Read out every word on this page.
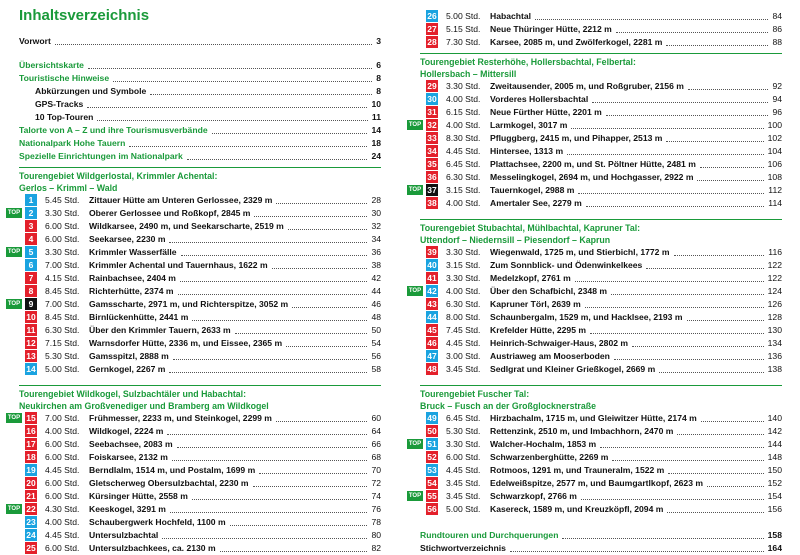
Inhaltsverzeichnis
Vorwort	3
Übersichtskarte	6
Touristische Hinweise	8
Abkürzungen und Symbole	8
GPS-Tracks	10
10 Top-Touren	11
Talorte von A – Z und ihre Tourismusverbände	14
Nationalpark Hohe Tauern	18
Spezielle Einrichtungen im Nationalpark	24
Tourengebiet Wildgerlostal, Krimmler Achental:
Gerlos – Krimml – Wald
1	5.45 Std. Zittauer Hütte am Unteren Gerlossee, 2329 m	28
TOP	2	3.30 Std. Oberer Gerlossee und Roßkopf, 2845 m	30
3	6.00 Std. Wildkarsee, 2490 m, und Seekarscharte, 2519 m	32
4	6.00 Std. Seekarsee, 2230 m	34
TOP	5	3.30 Std. Krimmler Wasserfälle	36
6	7.00 Std. Krimmler Achental und Tauernhaus, 1622 m	38
7	4.15 Std. Rainbachsee, 2404 m	42
8	8.45 Std. Richterhütte, 2374 m	44
TOP	9	7.00 Std. Gamsscharte, 2971 m, und Richterspitze, 3052 m	46
10 8.45 Std. Birnlückenhütte, 2441 m	48
11 6.30 Std. Über den Krimmler Tauern, 2633 m	50
12 7.15 Std. Warnsdorfer Hütte, 2336 m, und Eissee, 2365 m	54
13 5.30 Std. Gamsspitzl, 2888 m	56
14 5.00 Std. Gernkogel, 2267 m	58
Tourengebiet Wildkogel, Sulzbachtäler und Habachtal:
Neukirchen am Großvenediger und Bramberg am Wildkogel
TOP 15 7.00 Std. Frühmesser, 2233 m, und Steinkogel, 2299 m	60
16 4.00 Std. Wildkogel, 2224 m	64
17 6.00 Std. Seebachsee, 2083 m	66
18 6.00 Std. Foiskarsee, 2132 m	68
19 4.45 Std. Berndlalm, 1514 m, und Postalm, 1699 m	70
20 6.00 Std. Gletscherweg Obersulzbachtal, 2230 m	72
21 6.00 Std. Kürsinger Hütte, 2558 m	74
TOP 22 4.30 Std. Keeskogel, 3291 m	76
23 4.00 Std. Schaubergwerk Hochfeld, 1100 m	78
24 4.45 Std. Untersulzbachtal	80
25 6.00 Std. Untersulzbachkees, ca. 2130 m	82
26 5.00 Std. Habachtal	84
27 5.15 Std. Neue Thüringer Hütte, 2212 m	86
28 7.30 Std. Karsee, 2085 m, und Zwölferkogel, 2281 m	88
Tourengebiet Resterhöhe, Hollersbachtal, Felbertal:
Hollersbach – Mittersill
29 3.30 Std. Zweitausender, 2005 m, und Roßgruber, 2156 m	92
30 4.00 Std. Vorderes Hollersbachtal	94
31 6.15 Std. Neue Fürther Hütte, 2201 m	96
TOP 32 4.00 Std. Larmkogel, 3017 m	100
33 8.30 Std. Pfluggberg, 2415 m, und Pihapper, 2513 m	102
34 4.45 Std. Hintersee, 1313 m	104
35 6.45 Std. Plattachsee, 2200 m, und St. Pöltner Hütte, 2481 m	106
36 6.30 Std. Messelingkogel, 2694 m, und Hochgasser, 2922 m	108
TOP 37 3.15 Std. Tauernkogel, 2988 m	112
38 4.00 Std. Amertaler See, 2279 m	114
Tourengebiet Stubachtal, Mühlbachtal, Kapruner Tal:
Uttendorf – Niedernsill – Piesendorf – Kaprun
39 3.30 Std. Wiegenwald, 1725 m, und Stierbichl, 1772 m	116
40 3.15 Std. Zum Sonnblick- und Ödenwinkelkees	122
41 3.30 Std. Medelzkopf, 2761 m	122
TOP 42 4.00 Std. Über den Schafbichl, 2348 m	124
43 6.30 Std. Kapruner Törl, 2639 m	126
44 8.00 Std. Schaunbergalm, 1529 m, und Hacklsee, 2193 m	128
45 7.45 Std. Krefelder Hütte, 2295 m	130
46 4.45 Std. Heinrich-Schwaiger-Haus, 2802 m	134
47 3.00 Std. Austriaweg am Mooserboden	136
48 3.45 Std. Sedlgrat und Kleiner Grießkogel, 2669 m	138
Tourengebiet Fuscher Tal:
Bruck – Fusch an der Großglocknerstraße
49 6.45 Std. Hirzbachalm, 1715 m, und Gleiwitzer Hütte, 2174 m	140
50 5.30 Std. Rettenzink, 2510 m, und Imbachhorn, 2470 m	142
TOP 51 3.30 Std. Walcher-Hochalm, 1853 m	144
52 6.00 Std. Schwarzenberghütte, 2269 m	148
53 4.45 Std. Rotmoos, 1291 m, und Trauneralm, 1522 m	150
54 3.45 Std. Edelweißspitze, 2577 m, und Baumgartlkopf, 2623 m	152
TOP 55 3.45 Std. Schwarzkopf, 2766 m	154
56 5.00 Std. Kasereck, 1589 m, und Kreuzköpfl, 2094 m	156
Rundtouren und Durchquerungen	158
Stichwortverzeichnis	164
